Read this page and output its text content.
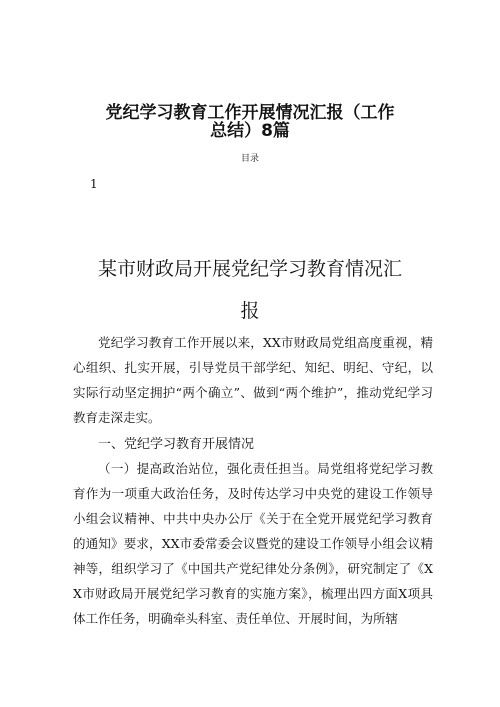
党纪学习教育工作开展情况汇报（工作
总结）8篇
目录
1
某市财政局开展党纪学习教育情况汇
报
党纪学习教育工作开展以来，XX市财政局党组高度重视，精心组织、扎实开展，引导党员干部学纪、知纪、明纪、守纪，以实际行动坚定拥护“两个确立”、做到“两个维护”，推动党纪学习教育走深走实。
一、党纪学习教育开展情况
（一）提高政治站位，强化责任担当。局党组将党纪学习教育作为一项重大政治任务，及时传达学习中央党的建设工作领导小组会议精神、中共中央办公厅《关于在全党开展党纪学习教育的通知》要求，XX市委常委会议暨党的建设工作领导小组会议精神等，组织学习了《中国共产党纪律处分条例》，研究制定了《XX市财政局开展党纪学习教育的实施方案》，梳理出四方面X项具体工作任务，明确牵头科室、责任单位、开展时间，为所辖
